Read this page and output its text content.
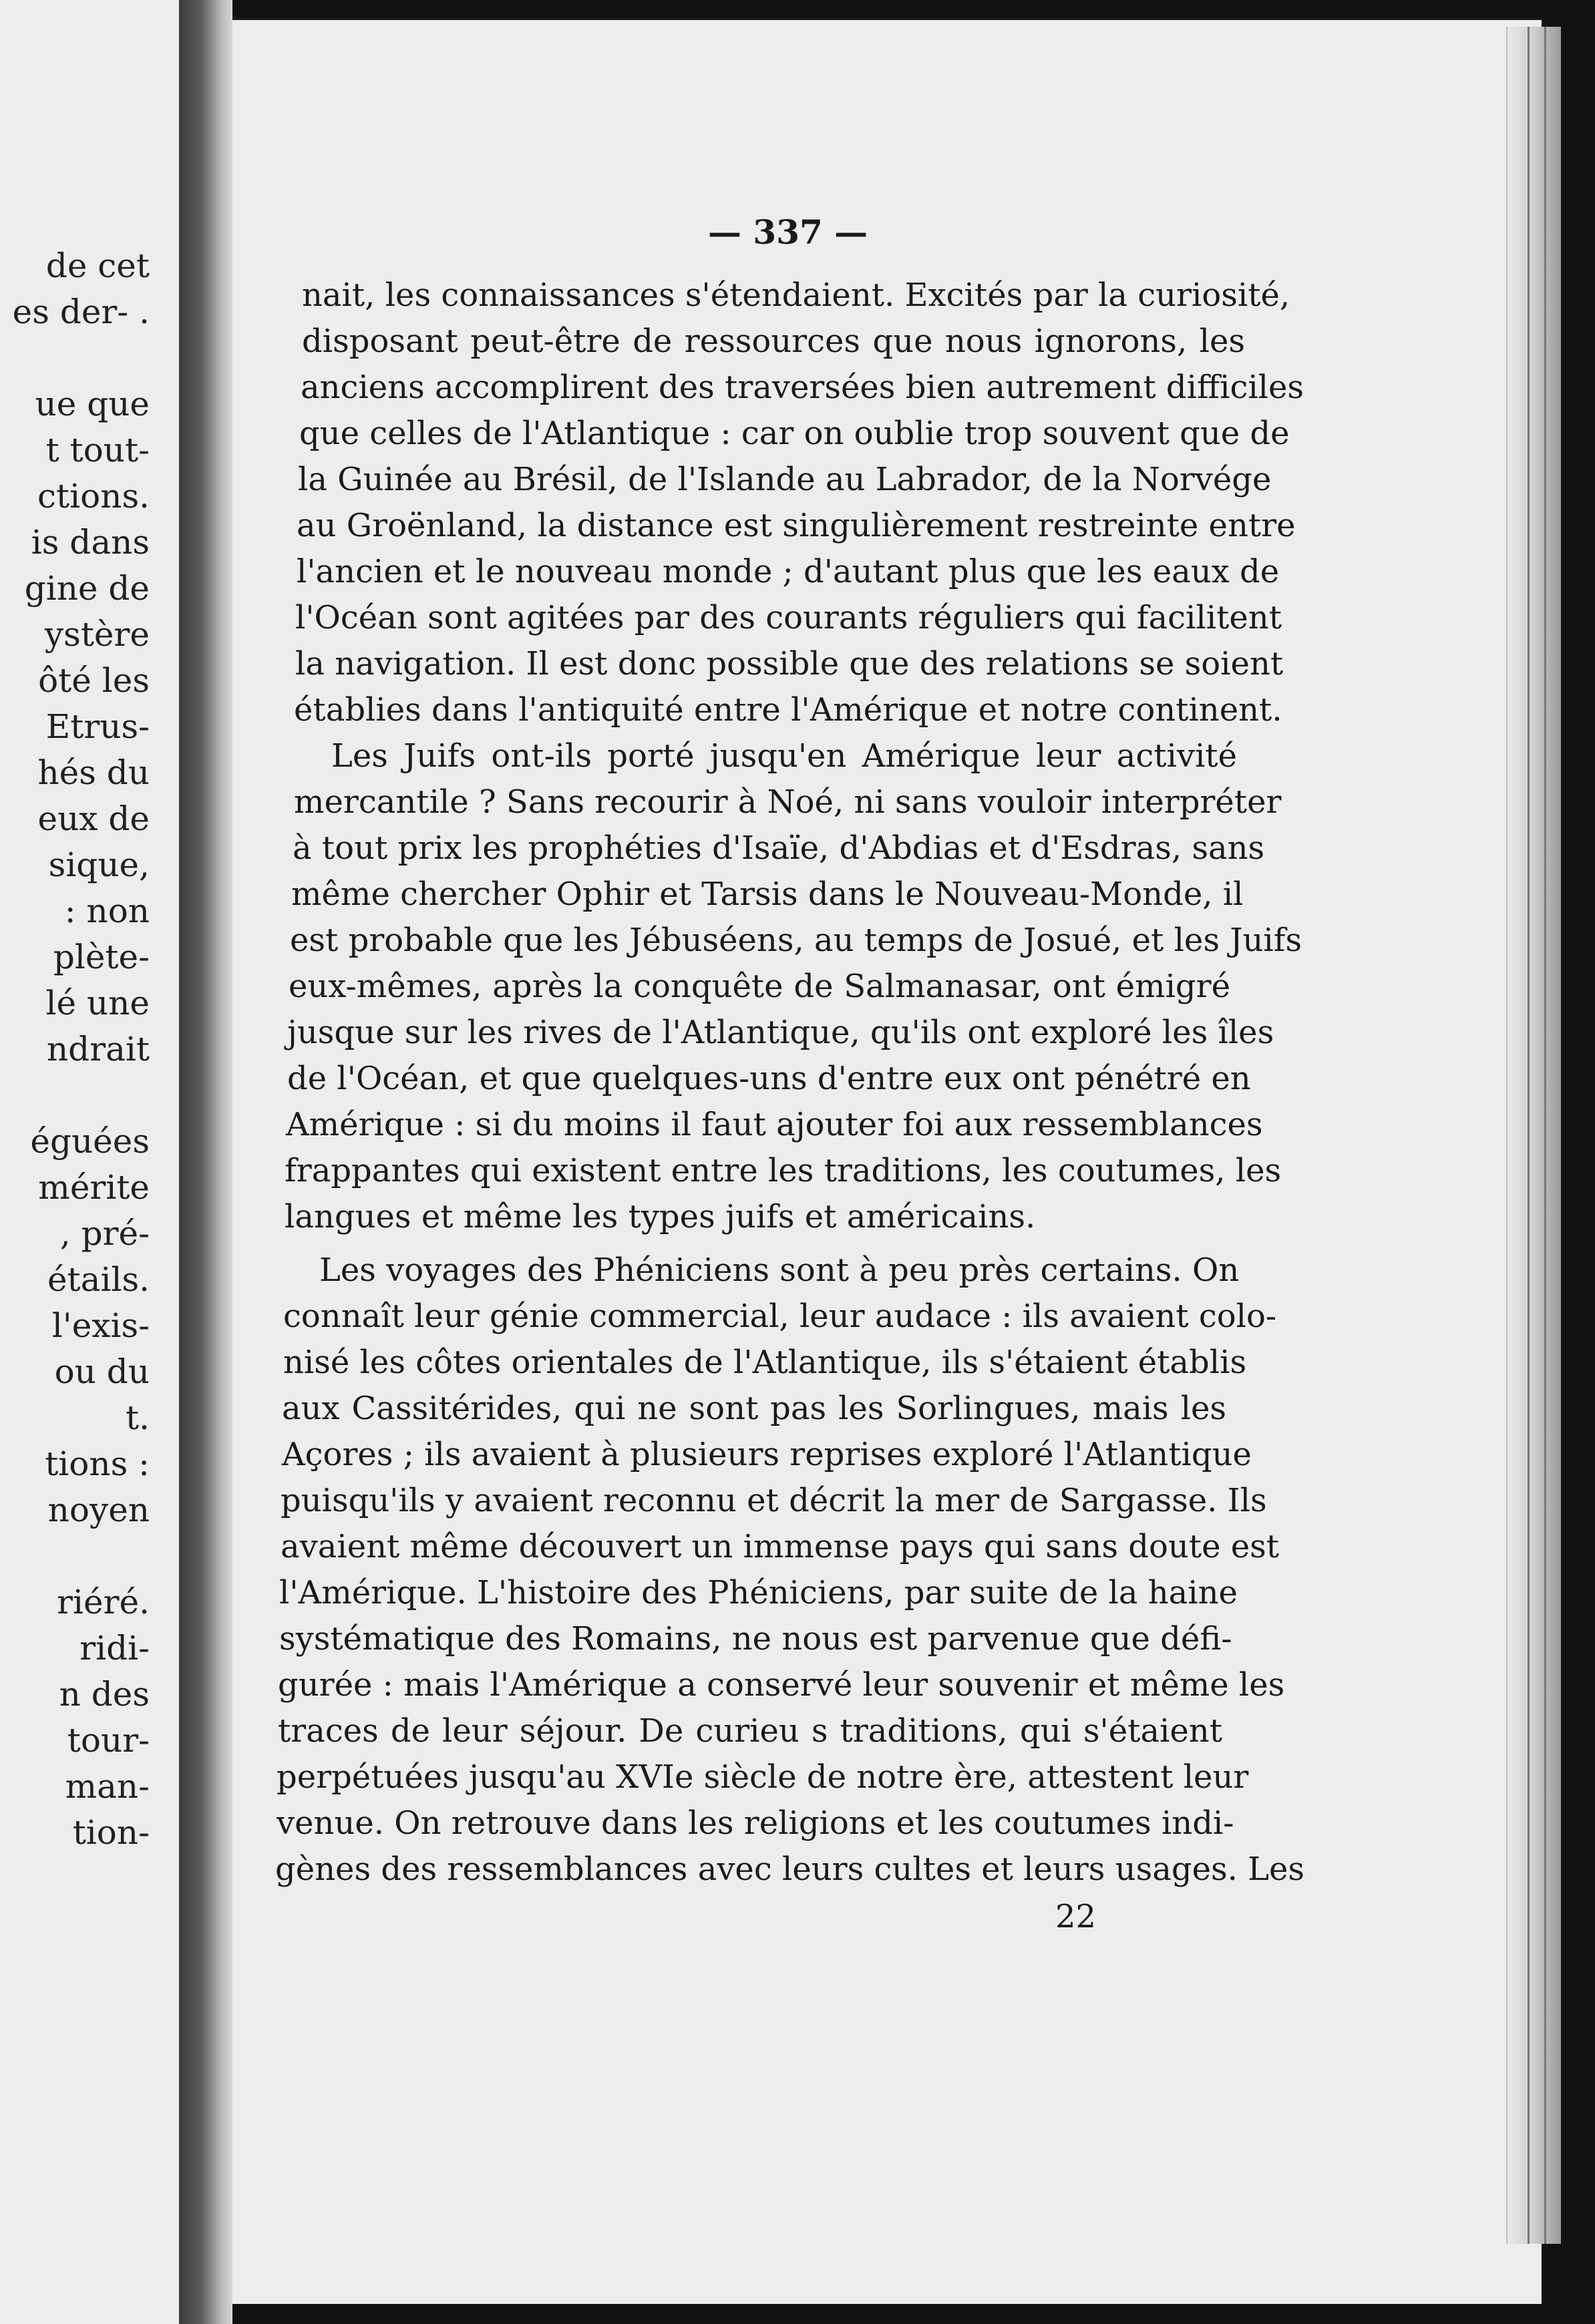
de cet
es der- .
ue que
t tout-
ctions.
is dans
gine de
ystère
ôté les
Etrus-
hés du
eux de
sique,
: non
plète-
lé une
ndrait
éguées
mérite
, pré-
étails.
l'exis-
ou du
t.
tions :
noyen
riéré.
ridi-
n des
tour-
man-
tion-
— 337 —
nait, les connaissances s'étendaient. Excités par la curiosité,
disposant peut-être de ressources que nous ignorons, les
anciens accomplirent des traversées bien autrement difficiles
que celles de l'Atlantique : car on oublie trop souvent que de
la Guinée au Brésil, de l'Islande au Labrador, de la Norvége
au Groënland, la distance est singulièrement restreinte entre
l'ancien et le nouveau monde ; d'autant plus que les eaux de
l'Océan sont agitées par des courants réguliers qui facilitent
la navigation. Il est donc possible que des relations se soient
établies dans l'antiquité entre l'Amérique et notre continent.
Les Juifs ont-ils porté jusqu'en Amérique leur activité
mercantile ? Sans recourir à Noé, ni sans vouloir interpréter
à tout prix les prophéties d'Isaïe, d'Abdias et d'Esdras, sans
même chercher Ophir et Tarsis dans le Nouveau-Monde, il
est probable que les Jébuséens, au temps de Josué, et les Juifs
eux-mêmes, après la conquête de Salmanasar, ont émigré
jusque sur les rives de l'Atlantique, qu'ils ont exploré les îles
de l'Océan, et que quelques-uns d'entre eux ont pénétré en
Amérique : si du moins il faut ajouter foi aux ressemblances
frappantes qui existent entre les traditions, les coutumes, les
langues et même les types juifs et américains.
Les voyages des Phéniciens sont à peu près certains. On
connaît leur génie commercial, leur audace : ils avaient colo-
nisé les côtes orientales de l'Atlantique, ils s'étaient établis
aux Cassitérides, qui ne sont pas les Sorlingues, mais les
Açores ; ils avaient à plusieurs reprises exploré l'Atlantique
puisqu'ils y avaient reconnu et décrit la mer de Sargasse. Ils
avaient même découvert un immense pays qui sans doute est
l'Amérique. L'histoire des Phéniciens, par suite de la haine
systématique des Romains, ne nous est parvenue que défi-
gurée : mais l'Amérique a conservé leur souvenir et même les
traces de leur séjour. De curieu s traditions, qui s'étaient
perpétuées jusqu'au XVIe siècle de notre ère, attestent leur
venue. On retrouve dans les religions et les coutumes indi-
gènes des ressemblances avec leurs cultes et leurs usages. Les
22
